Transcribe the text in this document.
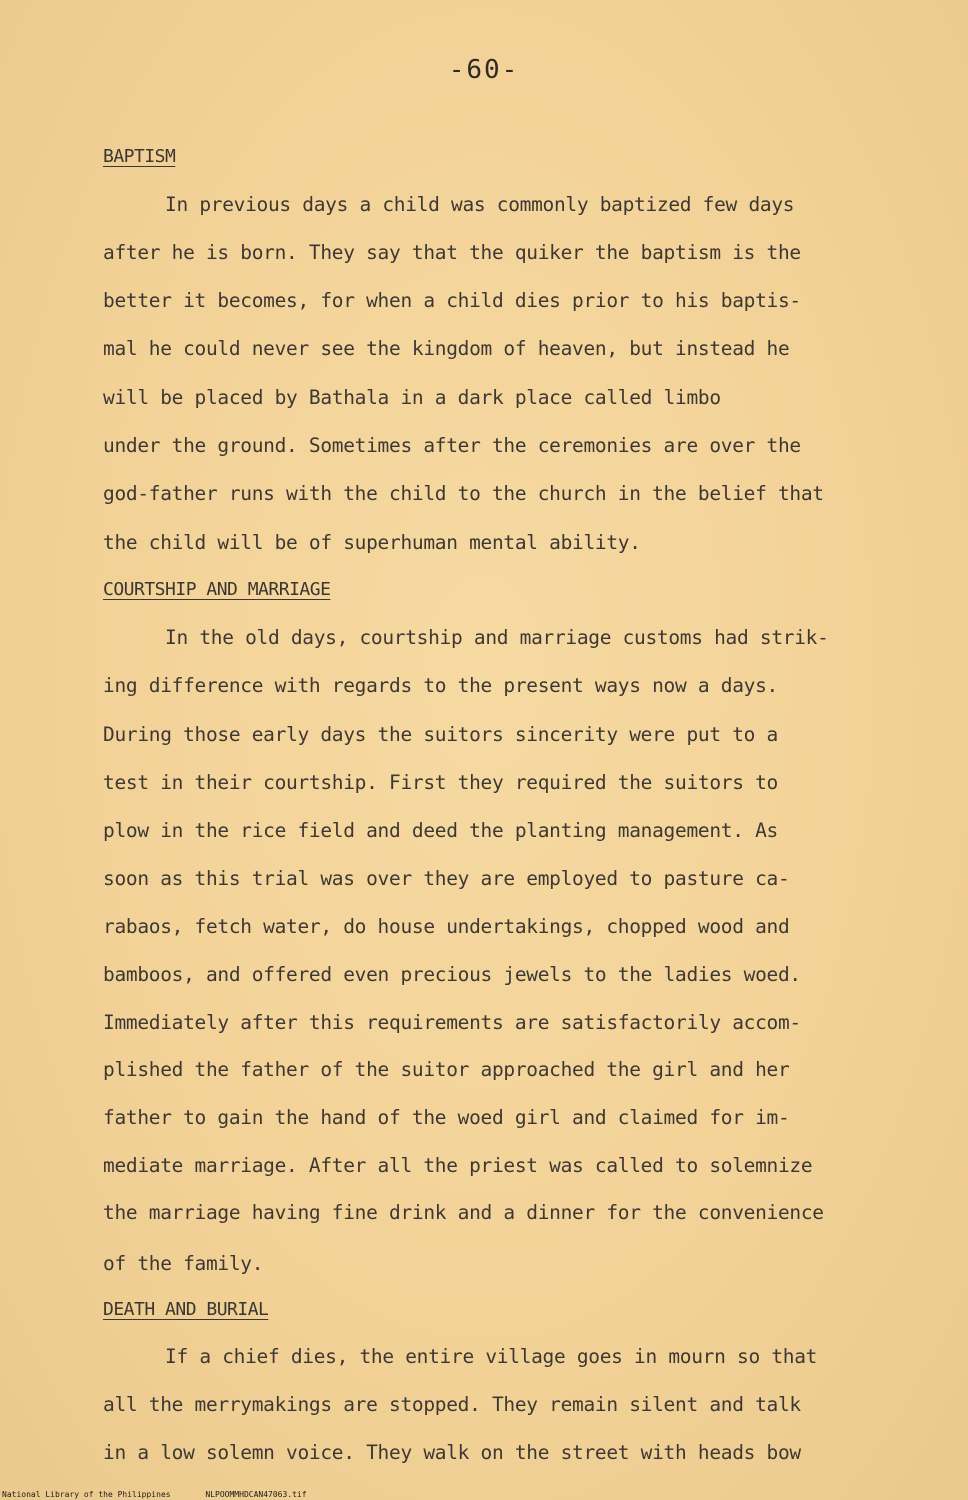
-60-
BAPTISM
In previous days a child was commonly baptized few days
after he is born. They say that the quiker the baptism is the
better it becomes, for when a child dies prior to his baptis-
mal he could never see the kingdom of heaven, but instead he
will be placed by Bathala in a dark place called limbo
under the ground. Sometimes after the ceremonies are over the
god-father runs with the child to the church in the belief that
the child will be of superhuman mental ability.
COURTSHIP AND MARRIAGE
In the old days, courtship and marriage customs had strik-
ing difference with regards to the present ways now a days.
During those early days the suitors sincerity were put to a
test in their courtship. First they required the suitors to
plow in the rice field and deed the planting management. As
soon as this trial was over they are employed to pasture ca-
rabaos, fetch water, do house undertakings, chopped wood and
bamboos, and offered even precious jewels to the ladies woed.
Immediately after this requirements are satisfactorily accom-
plished the father of the suitor approached the girl and her
father to gain the hand of the woed girl and claimed for im-
mediate marriage. After all the priest was called to solemnize
the marriage having fine drink and a dinner for the convenience
of the family.
DEATH AND BURIAL
If a chief dies, the entire village goes in mourn so that
all the merrymakings are stopped. They remain silent and talk
in a low solemn voice. They walk on the street with heads bow
National Library of the Philippines	NLPOOMMHDCAN47063.tif
